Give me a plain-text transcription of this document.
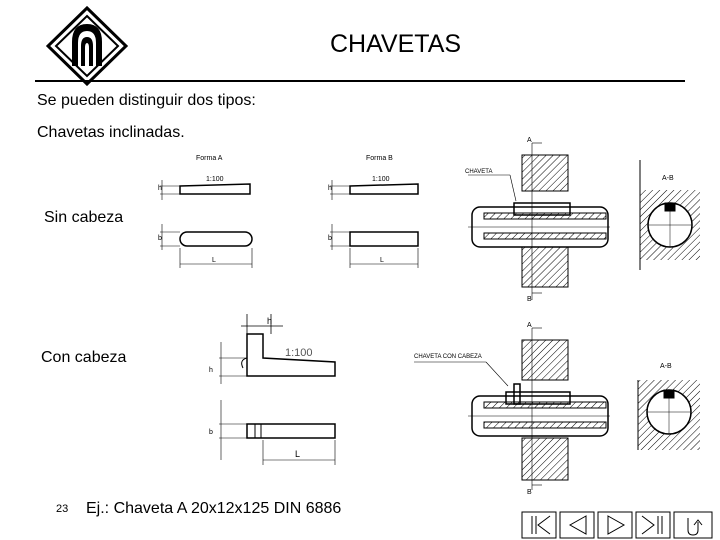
CHAVETAS
Se pueden distinguir dos tipos:
Chavetas inclinadas.
Sin cabeza
Con cabeza
Forma A	Forma B
1:100	1:100
h
b
h
b
L	L
h
1:100
h
b
L
A
B
CHAVETA
A-B
A
B
CHAVETA CON CABEZA
A-B
23 Ej.: Chaveta A 20x12x125 DIN 6886
